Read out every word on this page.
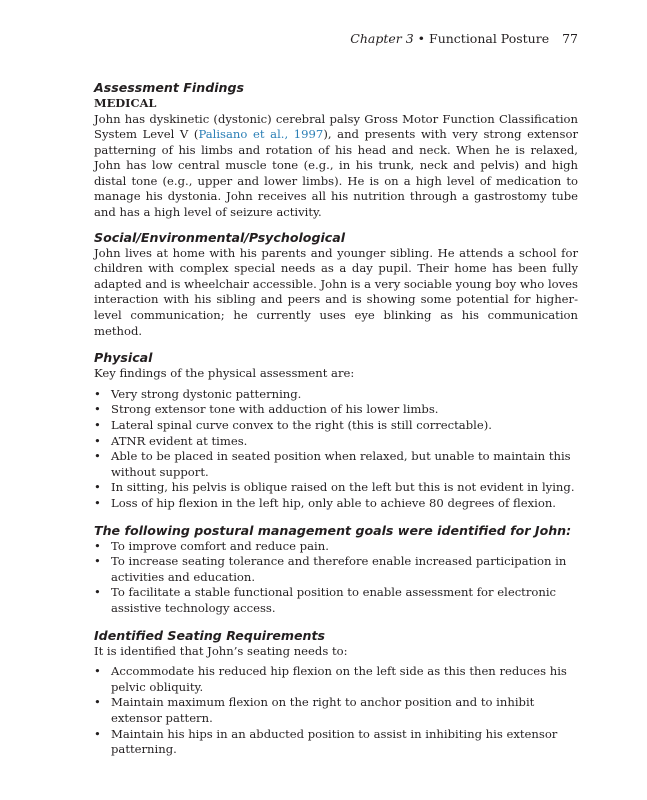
Chapter 3 • Functional Posture 77
Assessment Findings
MEDICAL

John has dyskinetic (dystonic) cerebral palsy Gross Motor Function Classification System Level V (Palisano et al., 1997), and presents with very strong extensor patterning of his limbs and rotation of his head and neck. When he is relaxed, John has low central muscle tone (e.g., in his trunk, neck and pelvis) and high distal tone (e.g., upper and lower limbs). He is on a high level of medication to manage his dystonia. John receives all his nutrition through a gastrostomy tube and has a high level of seizure activity.

Social/Environmental/Psychological

John lives at home with his parents and younger sibling. He attends a school for children with complex special needs as a day pupil. Their home has been fully adapted and is wheelchair accessible. John is a very sociable young boy who loves interaction with his sibling and peers and is showing some potential for higher-level communication; he currently uses eye blinking as his communication method.

Physical

Key findings of the physical assessment are:

• Very strong dystonic patterning.
• Strong extensor tone with adduction of his lower limbs.
• Lateral spinal curve convex to the right (this is still correctable).
• ATNR evident at times.
• Able to be placed in seated position when relaxed, but unable to maintain this without support.
• In sitting, his pelvis is oblique raised on the left but this is not evident in lying.
• Loss of hip flexion in the left hip, only able to achieve 80 degrees of flexion.
The following postural management goals were identified for John:
• To improve comfort and reduce pain.
• To increase seating tolerance and therefore enable increased participation in activities and education.
• To facilitate a stable functional position to enable assessment for electronic assistive technology access.
Identified Seating Requirements

It is identified that John’s seating needs to:

• Accommodate his reduced hip flexion on the left side as this then reduces his pelvic obliquity.
• Maintain maximum flexion on the right to anchor position and to inhibit extensor pattern.
• Maintain his hips in an abducted position to assist in inhibiting his extensor patterning.
